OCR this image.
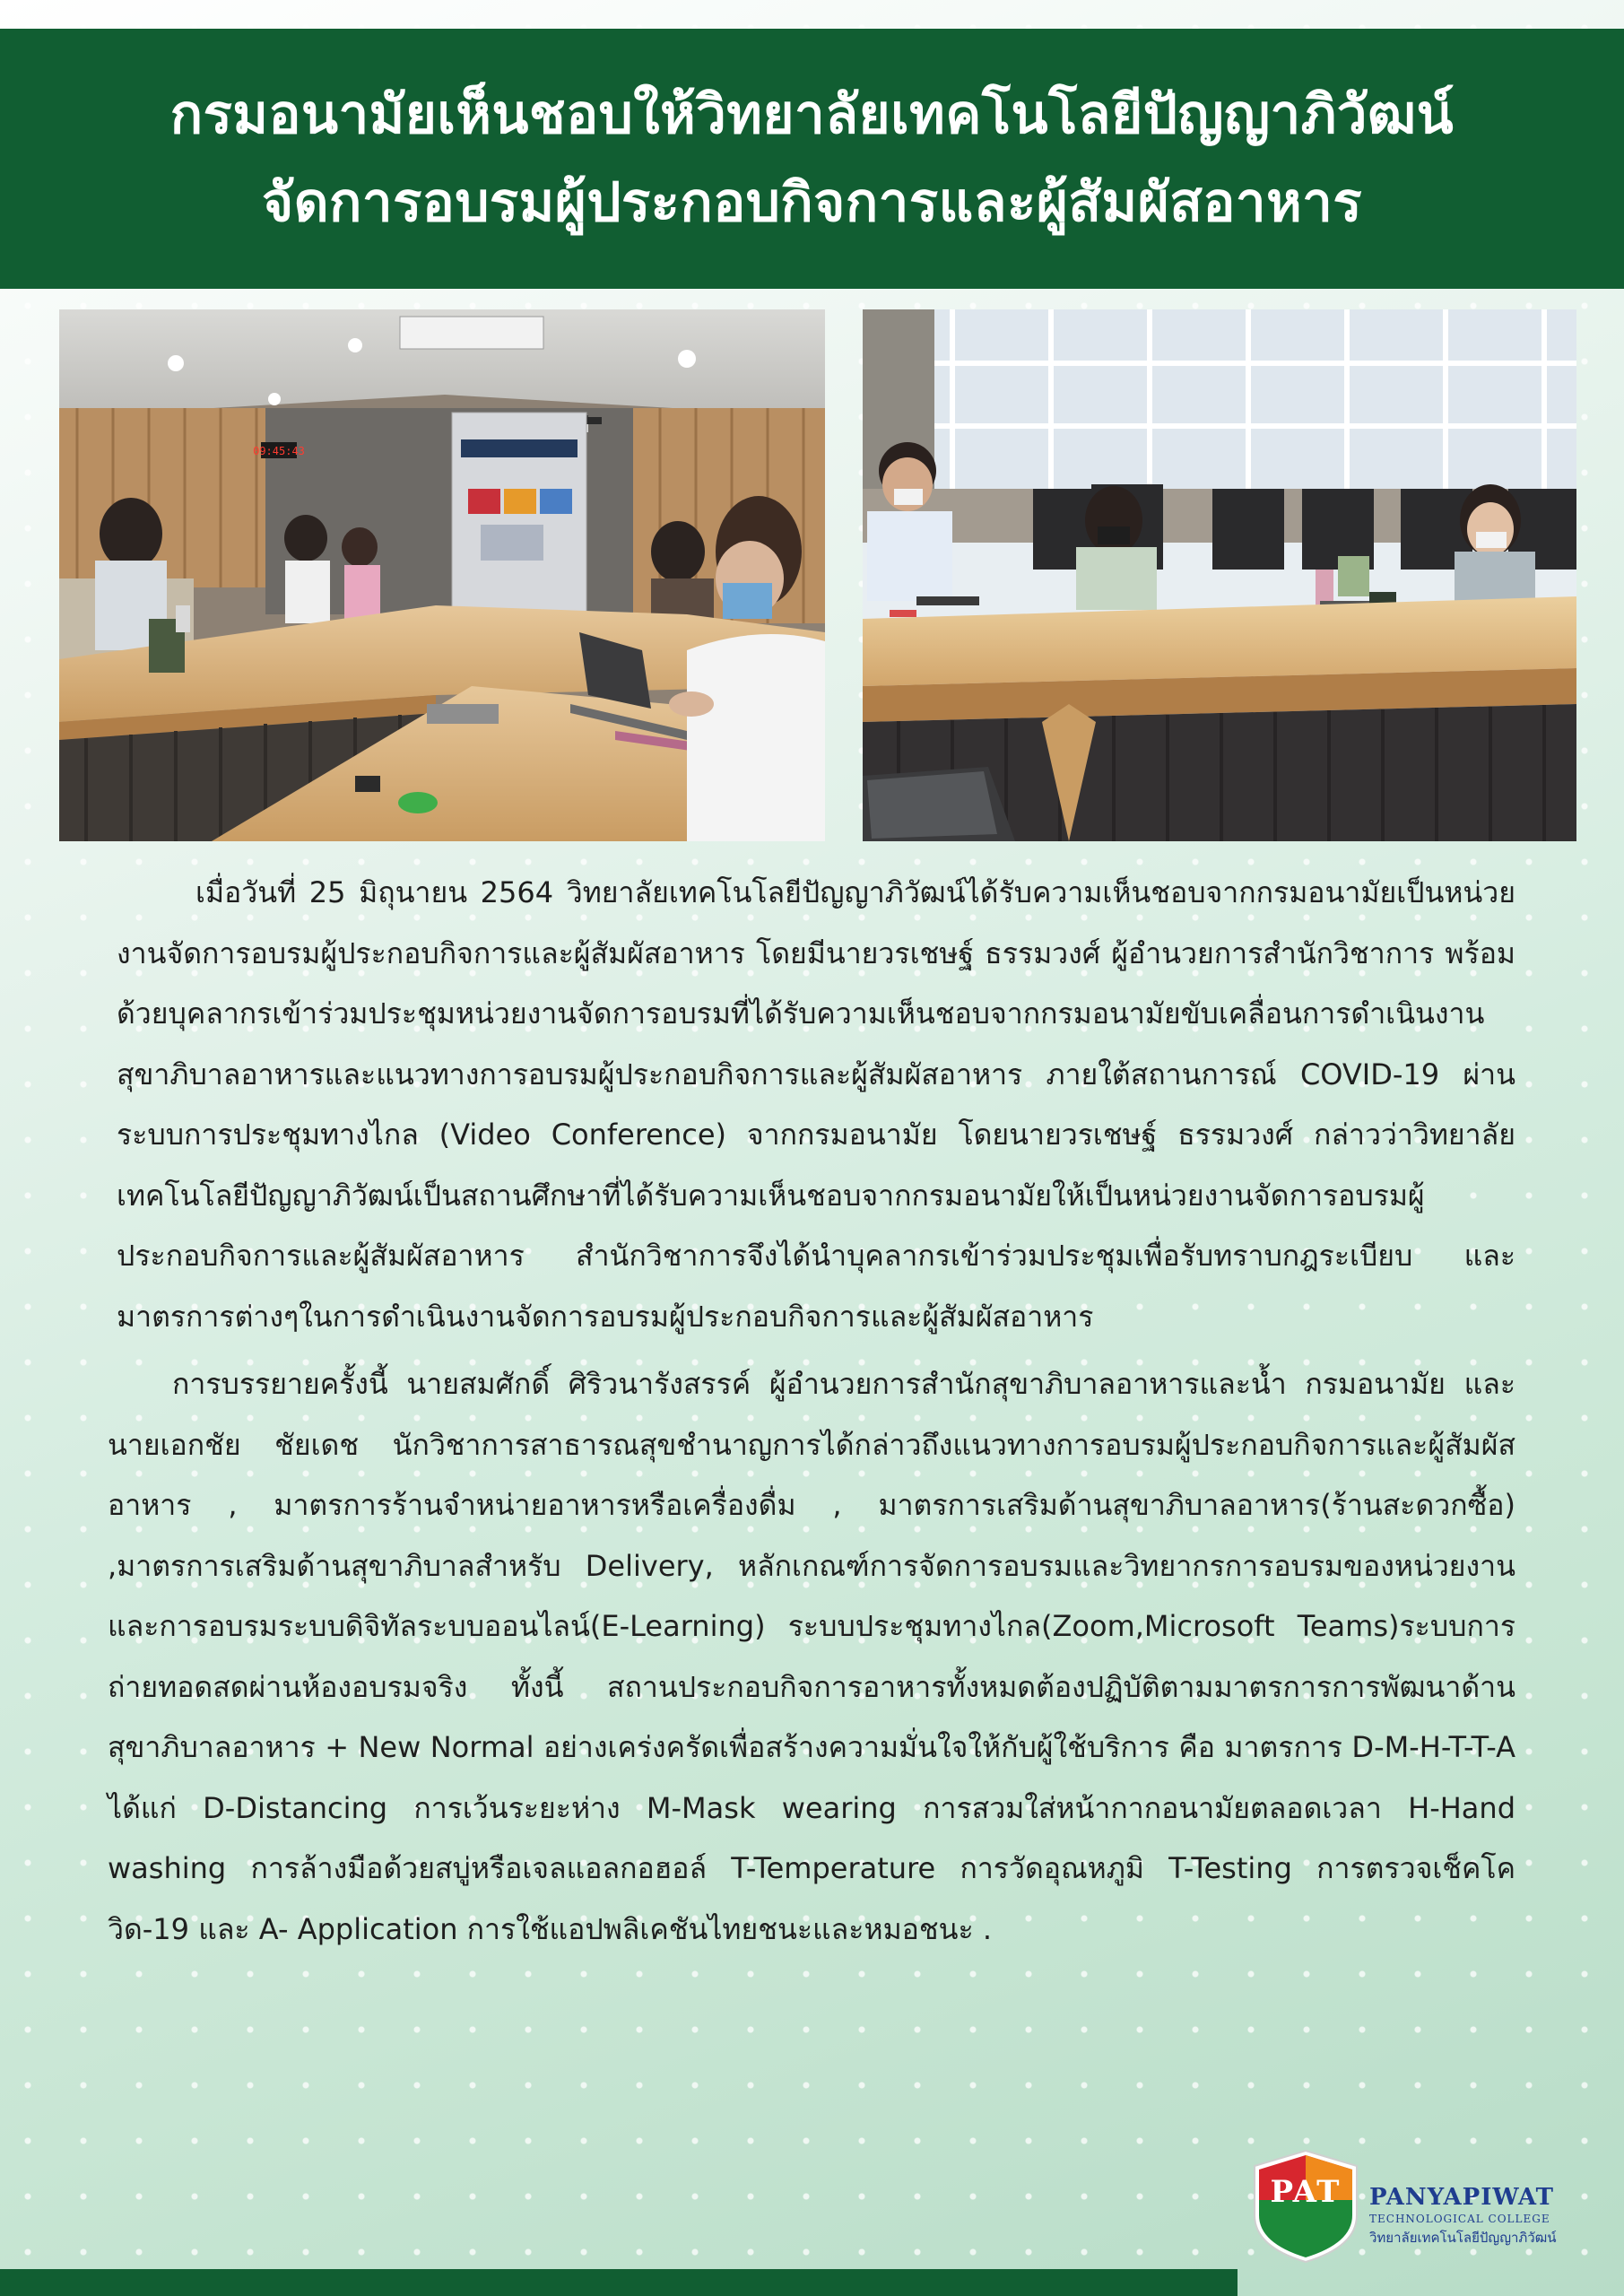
กรมอนามัยเห็นชอบให้วิทยาลัยเทคโนโลยีปัญญาภิวัฒน์
จัดการอบรมผู้ประกอบกิจการและผู้สัมผัสอาหาร
09:45:43

เมื่อวันที่ 25 มิถุนายน 2564 วิทยาลัยเทคโนโลยีปัญญาภิวัฒน์ได้รับความเห็นชอบจากกรมอนามัยเป็นหน่วยงานจัดการอบรมผู้ประกอบกิจการและผู้สัมผัสอาหาร โดยมีนายวรเชษฐ์ ธรรมวงศ์ ผู้อำนวยการสำนักวิชาการ พร้อมด้วยบุคลากรเข้าร่วมประชุมหน่วยงานจัดการอบรมที่ได้รับความเห็นชอบจากกรมอนามัยขับเคลื่อนการดำเนินงานสุขาภิบาลอาหารและแนวทางการอบรมผู้ประกอบกิจการและผู้สัมผัสอาหาร ภายใต้สถานการณ์ COVID-19 ผ่านระบบการประชุมทางไกล (Video Conference) จากกรมอนามัย โดยนายวรเชษฐ์ ธรรมวงศ์ กล่าวว่าวิทยาลัยเทคโนโลยีปัญญาภิวัฒน์เป็นสถานศึกษาที่ได้รับความเห็นชอบจากกรมอนามัยให้เป็นหน่วยงานจัดการอบรมผู้ประกอบกิจการและผู้สัมผัสอาหาร สำนักวิชาการจึงได้นำบุคลากรเข้าร่วมประชุมเพื่อรับทราบกฎระเบียบ และมาตรการต่างๆในการดำเนินงานจัดการอบรมผู้ประกอบกิจการและผู้สัมผัสอาหาร

การบรรยายครั้งนี้ นายสมศักดิ์ ศิริวนารังสรรค์ ผู้อำนวยการสำนักสุขาภิบาลอาหารและน้ำ กรมอนามัย และนายเอกชัย ชัยเดช นักวิชาการสาธารณสุขชำนาญการได้กล่าวถึงแนวทางการอบรมผู้ประกอบกิจการและผู้สัมผัสอาหาร , มาตรการร้านจำหน่ายอาหารหรือเครื่องดื่ม , มาตรการเสริมด้านสุขาภิบาลอาหาร(ร้านสะดวกซื้อ) ,มาตรการเสริมด้านสุขาภิบาลสำหรับ Delivery, หลักเกณฑ์การจัดการอบรมและวิทยากรการอบรมของหน่วยงาน และการอบรมระบบดิจิทัลระบบออนไลน์(E-Learning) ระบบประชุมทางไกล(Zoom,Microsoft Teams)ระบบการถ่ายทอดสดผ่านห้องอบรมจริง ทั้งนี้ สถานประกอบกิจการอาหารทั้งหมดต้องปฏิบัติตามมาตรการการพัฒนาด้านสุขาภิบาลอาหาร + New Normal อย่างเคร่งครัดเพื่อสร้างความมั่นใจให้กับผู้ใช้บริการ คือ มาตรการ D-M-H-T-T-A ได้แก่ D-Distancing การเว้นระยะห่าง M-Mask wearing การสวมใส่หน้ากากอนามัยตลอดเวลา H-Hand washing การล้างมือด้วยสบู่หรือเจลแอลกอฮอล์ T-Temperature การวัดอุณหภูมิ T-Testing การตรวจเช็คโควิด-19 และ A- Application การใช้แอปพลิเคชันไทยชนะและหมอชนะ .

PAT PANYAPIWAT
TECHNOLOGICAL COLLEGE
วิทยาลัยเทคโนโลยีปัญญาภิวัฒน์
